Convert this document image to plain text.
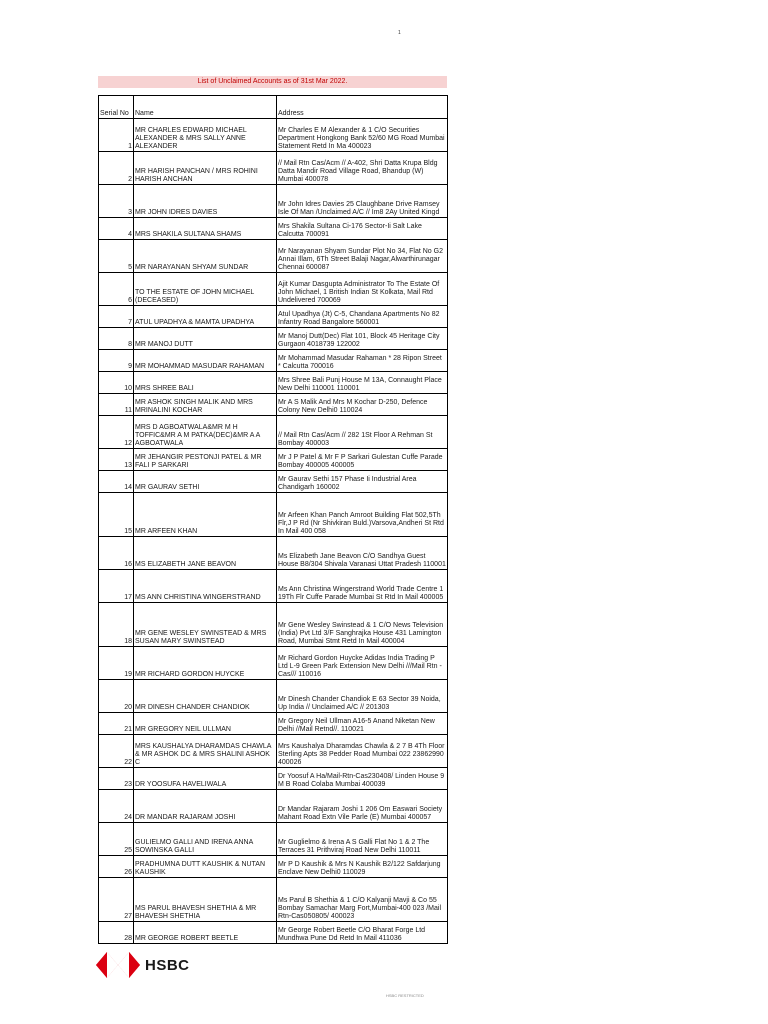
1
List of Unclaimed Accounts as of 31st Mar 2022.
Serial No	Name	Address
1	MR CHARLES EDWARD MICHAEL ALEXANDER & MRS SALLY ANNE ALEXANDER	Mr Charles E M Alexander & 1 C/O Securities Department Hongkong Bank 52/60 MG Road Mumbai Statement Retd In Ma 400023
2	MR HARISH PANCHAN / MRS ROHINI HARISH ANCHAN	// Mail Rtn Cas/Acm // A-402, Shri Datta Krupa Bldg Datta Mandir Road Village Road, Bhandup (W) Mumbai 400078
3	MR JOHN IDRES DAVIES	Mr John Idres Davies 25 Claughbane Drive Ramsey Isle Of Man /Unclaimed A/C // Im8 2Ay United Kingd
4	MRS SHAKILA SULTANA SHAMS	Mrs Shakila Sultana Ci-176 Sector-Ii Salt Lake Calcutta 700091
5	MR NARAYANAN SHYAM SUNDAR	Mr Narayanan Shyam Sundar Plot No 34, Flat No G2 Annai Illam, 6Th Street Balaji Nagar,Alwarthirunagar Chennai 600087
6	TO THE ESTATE OF JOHN MICHAEL (DECEASED)	Ajit Kumar Dasgupta Administrator To The Estate Of John Michael, 1 British Indian St Kolkata, Mail Rtd Undelivered 700069
7	ATUL UPADHYA & MAMTA UPADHYA	Atul Upadhya (Jt) C-5, Chandana Apartments No 82 Infantry Road Bangalore 560001
8	MR MANOJ DUTT	Mr Manoj Dutt(Dec) Flat 101, Block 45 Heritage City Gurgaon 4018739 122002
9	MR MOHAMMAD MASUDAR RAHAMAN	Mr Mohammad Masudar Rahaman * 28 Ripon Street * Calcutta 700016
10	MRS SHREE BALI	Mrs Shree Bali Punj House M 13A, Connaught Place New Delhi 110001 110001
11	MR ASHOK SINGH MALIK AND MRS MRINALINI KOCHAR	Mr A S Malik And Mrs M Kochar D-250, Defence Colony New Delhi0 110024
12	MRS D AGBOATWALA&MR M H TOFFIC&MR A M PATKA(DEC)&MR A A AGBOATWALA	// Mail Rtn Cas/Acm // 282 1St Floor A Rehman St Bombay 400003
13	MR JEHANGIR PESTONJI PATEL & MR FALI P SARKARI	Mr J P Patel & Mr F P Sarkari Gulestan Cuffe Parade Bombay 400005 400005
14	MR GAURAV SETHI	Mr Gaurav Sethi 157 Phase Ii Industrial Area Chandigarh 160002
15	MR ARFEEN KHAN	Mr Arfeen Khan Panch Amroot Building Flat 502,5Th Flr,J P Rd (Nr Shivkiran Buld.)Varsova,Andheri St Rtd In Mail 400 058
16	MS ELIZABETH JANE BEAVON	Ms Elizabeth Jane Beavon C/O Sandhya Guest House B8/304 Shivala Varanasi Uttat Pradesh 110001
17	MS ANN CHRISTINA WINGERSTRAND	Ms Ann Christina Wingerstrand World Trade Centre 1 19Th Flr Cuffe Parade Mumbai St Rtd In Mail 400005
18	MR GENE WESLEY SWINSTEAD & MRS SUSAN MARY SWINSTEAD	Mr Gene Wesley Swinstead & 1 C/O News Television (India) Pvt Ltd 3/F Sanghrajka House 431 Lamington Road, Mumbai Stmt Retd In Mail 400004
19	MR RICHARD GORDON HUYCKE	Mr Richard Gordon Huycke Adidas India Trading P Ltd L-9 Green Park Extension New Delhi ///Mail Rtn - Cas/// 110016
20	MR DINESH CHANDER CHANDIOK	Mr Dinesh Chander Chandiok E 63 Sector 39 Noida, Up India // Unclaimed A/C // 201303
21	MR GREGORY NEIL ULLMAN	Mr Gregory Neil Ullman A16-5 Anand Niketan New Delhi //Mail Retnd//. 110021
22	MRS KAUSHALYA DHARAMDAS CHAWLA & MR ASHOK DC & MRS SHALINI ASHOK C	Mrs Kaushalya Dharamdas Chawla & 2 7 B 4Th Floor Sterling Apts 38 Pedder Road Mumbai 022 23862990 400026
23	DR YOOSUFA HAVELIWALA	Dr Yoosuf A Ha/Mail-Rtn-Cas230408/ Linden House 9 M B Road Colaba Mumbai 400039
24	DR MANDAR RAJARAM JOSHI	Dr Mandar Rajaram Joshi 1 206 Om Easwari Society Mahant Road Extn Vile Parle (E) Mumbai 400057
25	GULIELMO GALLI AND IRENA ANNA SOWINSKA GALLI	Mr Guglielmo & Irena A S Galli Flat No 1 & 2 The Terraces 31 Prithviraj Road New Delhi 110011
26	PRADHUMNA DUTT KAUSHIK & NUTAN KAUSHIK	Mr P D Kaushik & Mrs N Kaushik B2/122 Safdarjung Enclave New Delhi0 110029
27	MS PARUL BHAVESH SHETHIA & MR BHAVESH SHETHIA	Ms Parul B Shethia & 1 C/O Kalyanji Mavji & Co 55 Bombay Samachar Marg Fort,Mumbai-400 023 /Mail Rtn-Cas050805/ 400023
28	MR GEORGE ROBERT BEETLE	Mr George Robert Beetle C/O Bharat Forge Ltd Mundhwa Pune Dd Retd In Mail 411036
HSBC
HSBC RESTRICTED
